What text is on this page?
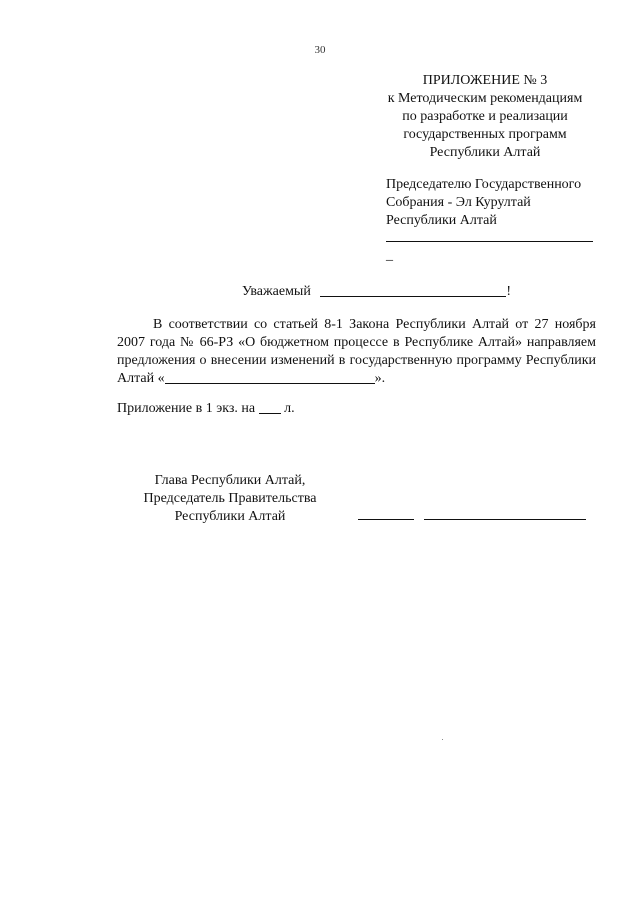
30
ПРИЛОЖЕНИЕ № 3
к Методическим рекомендациям
по разработке и реализации
государственных программ
Республики Алтай
Председателю Государственного
Собрания - Эл Курултай
Республики Алтай
_
Уважаемый	!
В соответствии со статьей 8-1 Закона Республики Алтай от 27 ноября 2007 года № 66-РЗ «О бюджетном процессе в Республике Алтай» направляем предложения о внесении изменений в государственную программу Республики Алтай «	».
Приложение в 1 экз. на л.
Глава Республики Алтай,
Председатель Правительства
Республики Алтай
